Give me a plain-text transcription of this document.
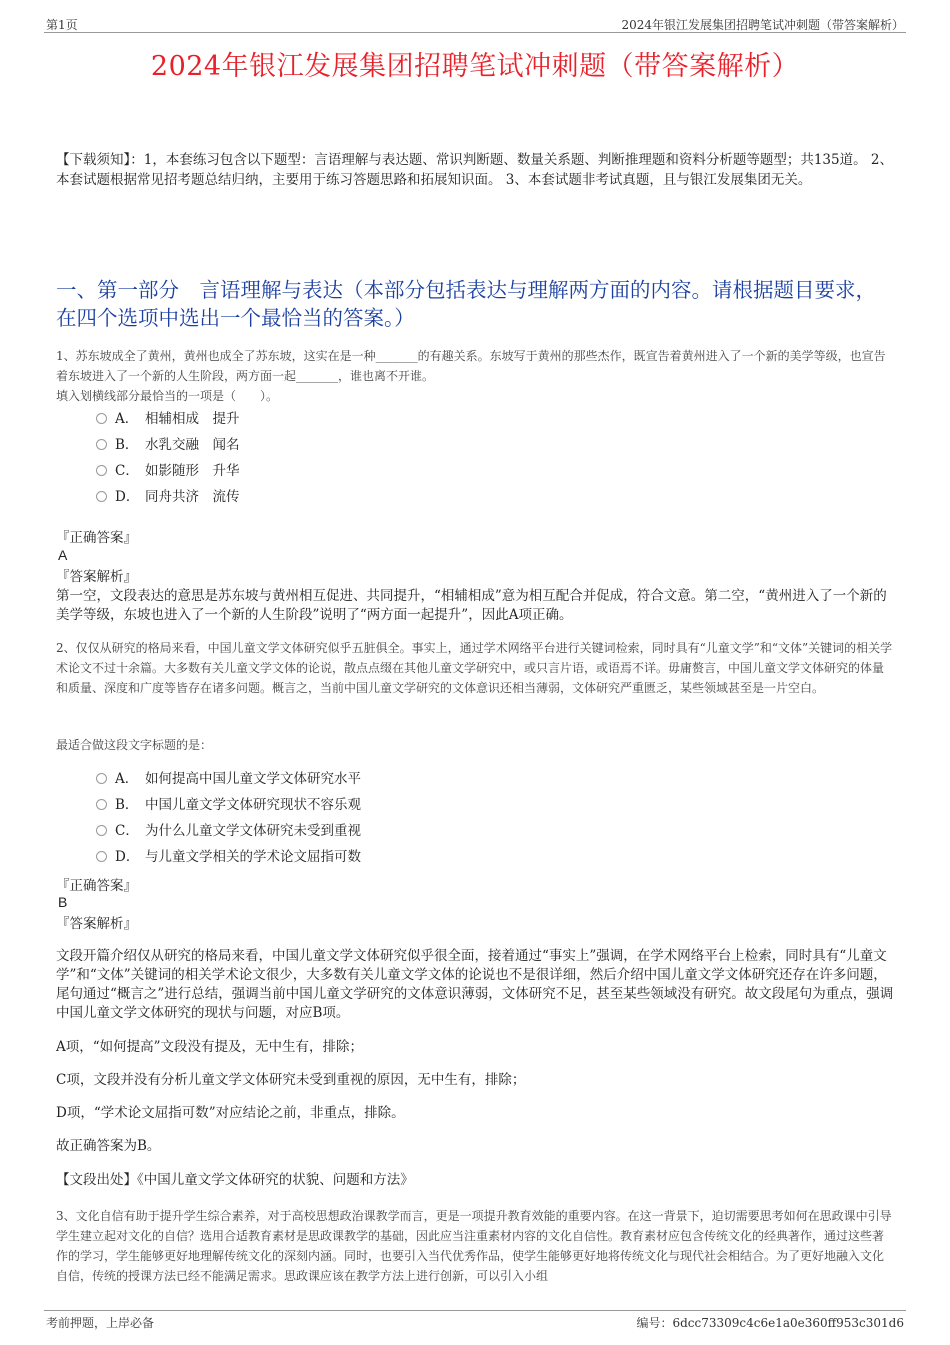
第1页	2024年银江发展集团招聘笔试冲刺题（带答案解析）
2024年银江发展集团招聘笔试冲刺题（带答案解析）
【下载须知】：1，本套练习包含以下题型：言语理解与表达题、常识判断题、数量关系题、判断推理题和资料分析题等题型；共135道。 2、本套试题根据常见招考题总结归纳，主要用于练习答题思路和拓展知识面。 3、本套试题非考试真题，且与银江发展集团无关。
一、第一部分　言语理解与表达（本部分包括表达与理解两方面的内容。请根据题目要求，在四个选项中选出一个最恰当的答案。）
1、苏东坡成全了黄州，黄州也成全了苏东坡，这实在是一种_______的有趣关系。东坡写于黄州的那些杰作，既宣告着黄州进入了一个新的美学等级，也宣告着东坡进入了一个新的人生阶段，两方面一起_______，谁也离不开谁。
填入划横线部分最恰当的一项是（　　）。
A． 相辅相成　提升
B． 水乳交融　闻名
C． 如影随形　升华
D． 同舟共济　流传
『正确答案』
A
『答案解析』
第一空，文段表达的意思是苏东坡与黄州相互促进、共同提升，“相辅相成”意为相互配合并促成，符合文意。第二空，“黄州进入了一个新的美学等级，东坡也进入了一个新的人生阶段”说明了“两方面一起提升”，因此A项正确。
2、仅仅从研究的格局来看，中国儿童文学文体研究似乎五脏俱全。事实上，通过学术网络平台进行关键词检索，同时具有“儿童文学”和“文体”关键词的相关学术论文不过十余篇。大多数有关儿童文学文体的论说，散点点缀在其他儿童文学研究中，或只言片语，或语焉不详。毋庸赘言，中国儿童文学文体研究的体量和质量、深度和广度等皆存在诸多问题。概言之，当前中国儿童文学研究的文体意识还相当薄弱，文体研究严重匮乏，某些领域甚至是一片空白。
最适合做这段文字标题的是：
A． 如何提高中国儿童文学文体研究水平
B． 中国儿童文学文体研究现状不容乐观
C． 为什么儿童文学文体研究未受到重视
D． 与儿童文学相关的学术论文屈指可数
『正确答案』
B
『答案解析』
文段开篇介绍仅从研究的格局来看，中国儿童文学文体研究似乎很全面，接着通过“事实上”强调，在学术网络平台上检索，同时具有“儿童文学”和“文体”关键词的相关学术论文很少，大多数有关儿童文学文体的论说也不是很详细，然后介绍中国儿童文学文体研究还存在许多问题，尾句通过“概言之”进行总结，强调当前中国儿童文学研究的文体意识薄弱，文体研究不足，甚至某些领域没有研究。故文段尾句为重点，强调中国儿童文学文体研究的现状与问题，对应B项。
A项，“如何提高”文段没有提及，无中生有，排除；
C项，文段并没有分析儿童文学文体研究未受到重视的原因，无中生有，排除；
D项，“学术论文屈指可数”对应结论之前，非重点，排除。
故正确答案为B。
【文段出处】《中国儿童文学文体研究的状貌、问题和方法》
3、文化自信有助于提升学生综合素养，对于高校思想政治课教学而言，更是一项提升教育效能的重要内容。在这一背景下，迫切需要思考如何在思政课中引导学生建立起对文化的自信？选用合适教育素材是思政课教学的基础，因此应当注重素材内容的文化自信性。教育素材应包含传统文化的经典著作，通过这些著作的学习，学生能够更好地理解传统文化的深刻内涵。同时，也要引入当代优秀作品，使学生能够更好地将传统文化与现代社会相结合。为了更好地融入文化自信，传统的授课方法已经不能满足需求。思政课应该在教学方法上进行创新，可以引入小组
考前押题，上岸必备	编号：6dcc73309c4c6e1a0e360ff953c301d6
